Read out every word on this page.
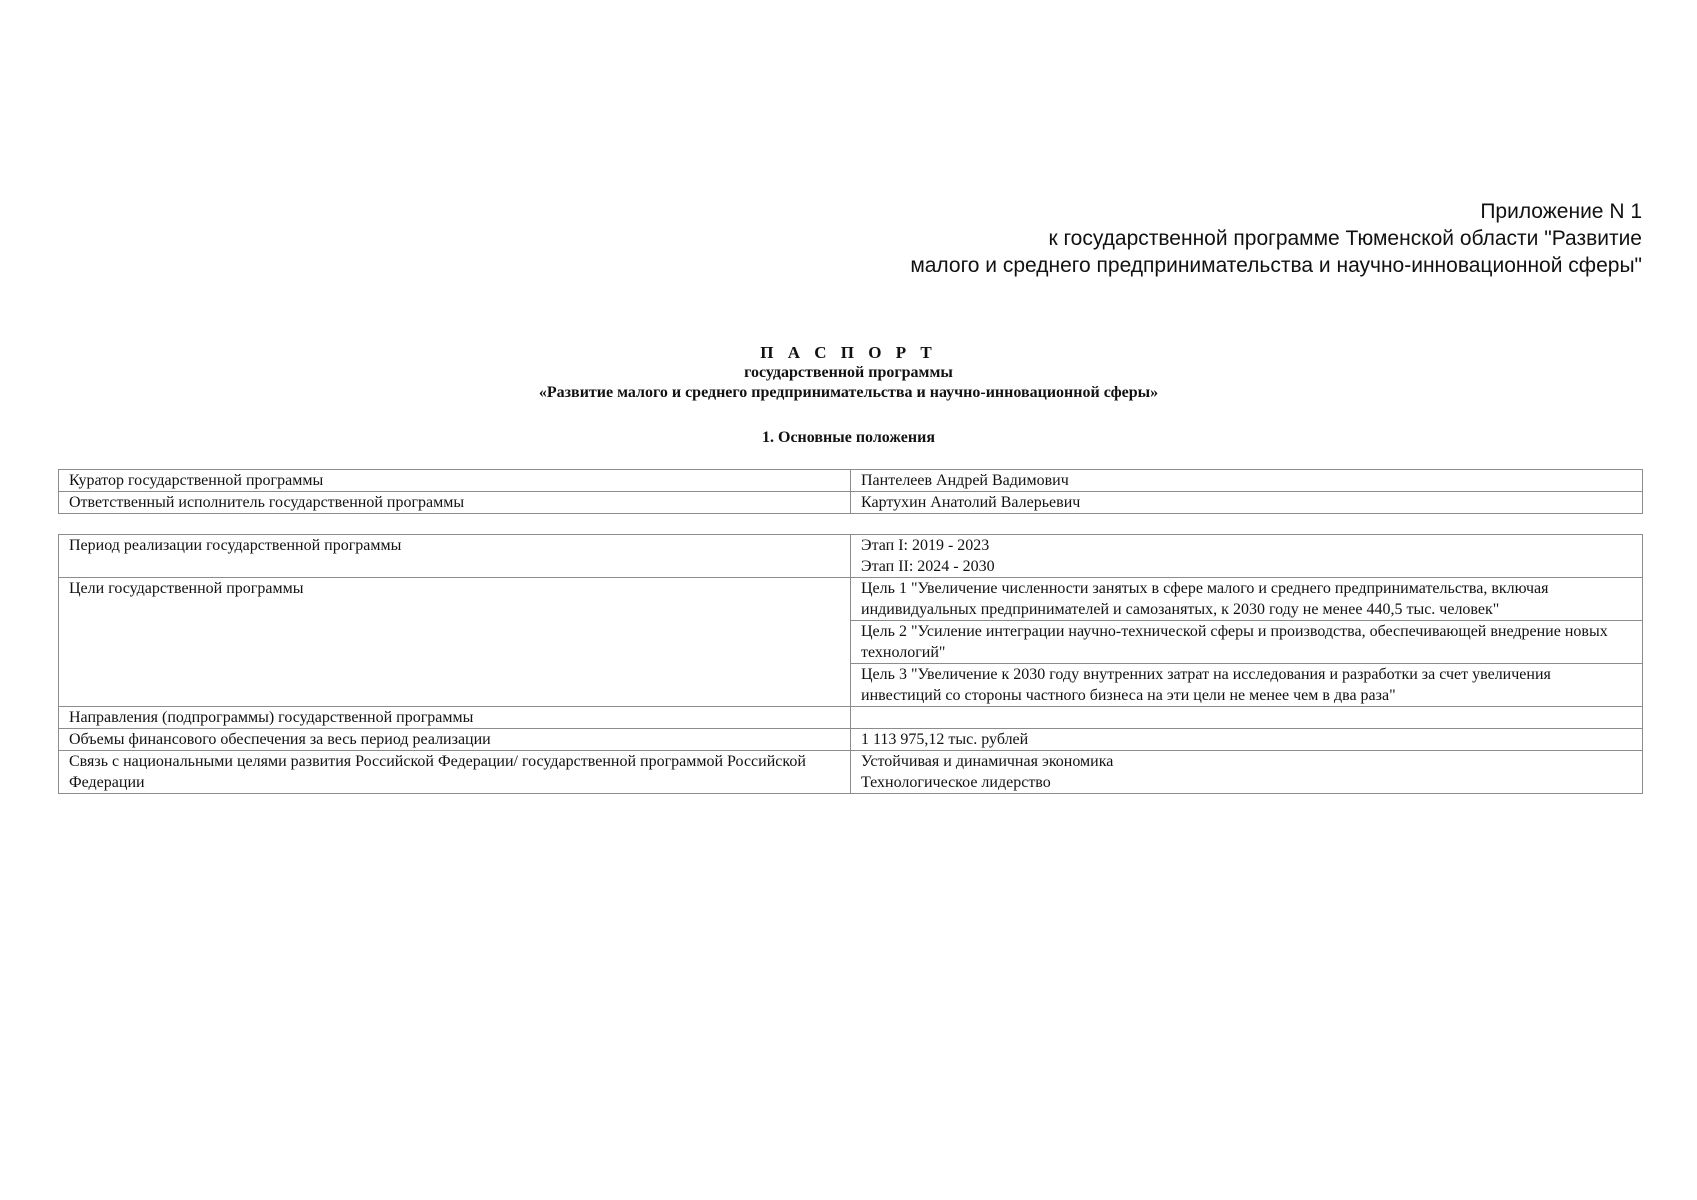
Приложение N 1
к государственной программе Тюменской области "Развитие
малого и среднего предпринимательства и научно-инновационной сферы"
П А С П О Р Т
государственной программы
«Развитие малого и среднего предпринимательства и научно-инновационной сферы»
1. Основные положения
Куратор государственной программы	Пантелеев Андрей Вадимович
Ответственный исполнитель государственной программы	Картухин Анатолий Валерьевич
Период реализации государственной программы	Этап I: 2019 - 2023
Этап II: 2024 - 2030

Цели государственной программы	Цель 1 "Увеличение численности занятых в сфере малого и среднего предпринимательства, включая индивидуальных предпринимателей и самозанятых, к 2030 году не менее 440,5 тыс. человек"
	Цель 2 "Усиление интеграции научно-технической сферы и производства, обеспечивающей внедрение новых технологий"
	Цель 3 "Увеличение к 2030 году внутренних затрат на исследования и разработки за счет увеличения инвестиций со стороны частного бизнеса на эти цели не менее чем в два раза"
Направления (подпрограммы) государственной программы	
Объемы финансового обеспечения за весь период реализации	1 113 975,12 тыс. рублей
Связь с национальными целями развития Российской Федерации/ государственной программой Российской Федерации	Устойчивая и динамичная экономика
Технологическое лидерство
